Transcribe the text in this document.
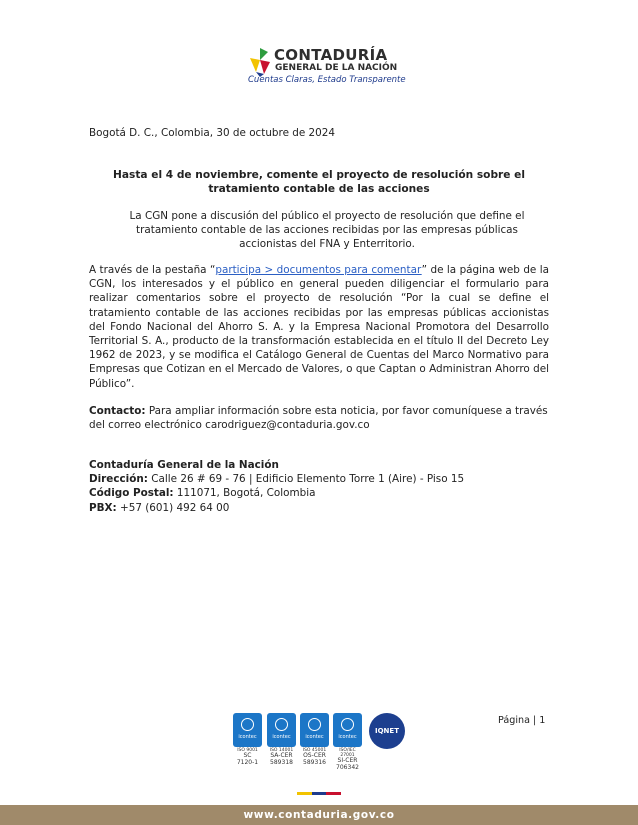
CONTADURÍA
GENERAL DE LA NACIÓN
Cuentas Claras, Estado Transparente
Bogotá D. C., Colombia, 30 de octubre de 2024
Hasta el 4 de noviembre, comente el proyecto de resolución sobre el
tratamiento contable de las acciones
La CGN pone a discusión del público el proyecto de resolución que define el tratamiento contable de las acciones recibidas por las empresas públicas accionistas del FNA y Enterritorio.
A través de la pestaña “participa > documentos para comentar” de la página web de la CGN, los interesados y el público en general pueden diligenciar el formulario para realizar comentarios sobre el proyecto de resolución “Por la cual se define el tratamiento contable de las acciones recibidas por las empresas públicas accionistas del Fondo Nacional del Ahorro S. A. y la Empresa Nacional Promotora del Desarrollo Territorial S. A., producto de la transformación establecida en el título II del Decreto Ley 1962 de 2023, y se modifica el Catálogo General de Cuentas del Marco Normativo para Empresas que Cotizan en el Mercado de Valores, o que Captan o Administran Ahorro del Público”.
Contacto: Para ampliar información sobre esta noticia, por favor comuníquese a través del correo electrónico carodriguez@contaduria.gov.co
Contaduría General de la Nación
Dirección: Calle 26 # 69 - 76 | Edificio Elemento Torre 1 (Aire) - Piso 15
Código Postal: 111071, Bogotá, Colombia
PBX: +57 (601) 492 64 00
icontec
ISO 9001
SC
7120-1
icontec
ISO 14001
SA-CER
589318
icontec
ISO 45001
OS-CER
589316
icontec
ISO/IEC 27001
SI-CER
706342
IQNET
Página | 1
www.contaduria.gov.co
